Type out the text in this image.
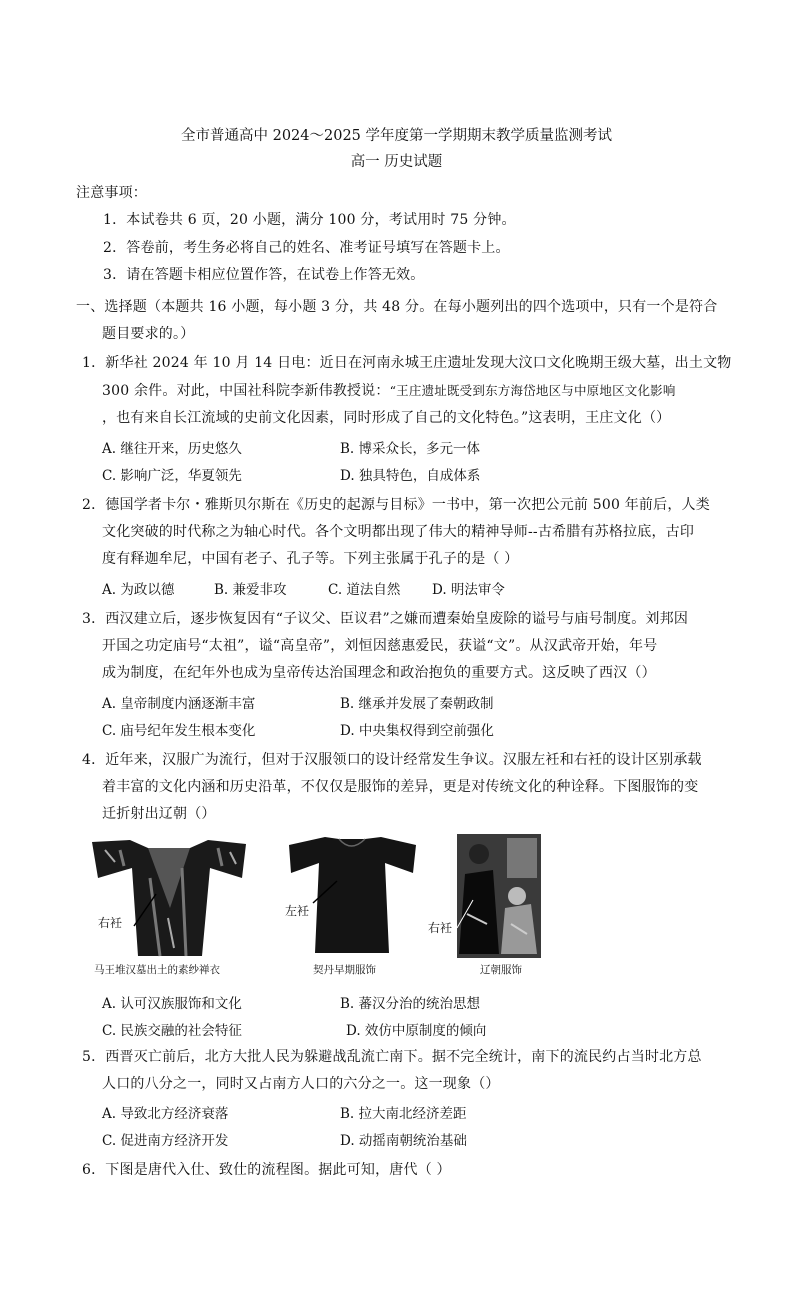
全市普通高中 2024～2025 学年度第一学期期末教学质量监测考试
高一 历史试题
注意事项：
1．本试卷共 6 页，20 小题，满分 100 分，考试用时 75 分钟。
2．答卷前，考生务必将自己的姓名、准考证号填写在答题卡上。
3．请在答题卡相应位置作答，在试卷上作答无效。
一、选择题（本题共 16 小题，每小题 3 分，共 48 分。在每小题列出的四个选项中，只有一个是符合
题目要求的。）
1．新华社 2024 年 10 月 14 日电：近日在河南永城王庄遗址发现大汶口文化晚期王级大墓，出土文物
300 余件。对此，中国社科院李新伟教授说：“王庄遗址既受到东方海岱地区与中原地区文化影响
，也有来自长江流域的史前文化因素，同时形成了自己的文化特色。”这表明，王庄文化（）
A. 继往开来，历史悠久	B. 博采众长，多元一体
C. 影响广泛，华夏领先	D. 独具特色，自成体系
2．德国学者卡尔・雅斯贝尔斯在《历史的起源与目标》一书中，第一次把公元前 500 年前后，人类
文化突破的时代称之为轴心时代。各个文明都出现了伟大的精神导师--古希腊有苏格拉底，古印
度有释迦牟尼，中国有老子、孔子等。下列主张属于孔子的是（ ）
A. 为政以德	B. 兼爱非攻	C. 道法自然 D. 明法审令
3．西汉建立后，逐步恢复因有“子议父、臣议君”之嫌而遭秦始皇废除的谥号与庙号制度。刘邦因
开国之功定庙号“太祖”，谥“高皇帝”，刘恒因慈惠爱民，获谥“文”。从汉武帝开始，年号
成为制度，在纪年外也成为皇帝传达治国理念和政治抱负的重要方式。这反映了西汉（）
A. 皇帝制度内涵逐渐丰富	B. 继承并发展了秦朝政制
C. 庙号纪年发生根本变化	D. 中央集权得到空前强化
4．近年来，汉服广为流行，但对于汉服领口的设计经常发生争议。汉服左衽和右衽的设计区别承载
着丰富的文化内涵和历史沿革，不仅仅是服饰的差异，更是对传统文化的种诠释。下图服饰的变
迁折射出辽朝（）
右衽
马王堆汉墓出土的素纱禅衣
左衽
契丹早期服饰
右衽
辽朝服饰
A. 认可汉族服饰和文化	B. 蕃汉分治的统治思想
C. 民族交融的社会特征	D. 效仿中原制度的倾向
5．西晋灭亡前后，北方大批人民为躲避战乱流亡南下。据不完全统计，南下的流民约占当时北方总
人口的八分之一，同时又占南方人口的六分之一。这一现象（）
A. 导致北方经济衰落	B. 拉大南北经济差距
C. 促进南方经济开发	D. 动摇南朝统治基础
6．下图是唐代入仕、致仕的流程图。据此可知，唐代（ ）
